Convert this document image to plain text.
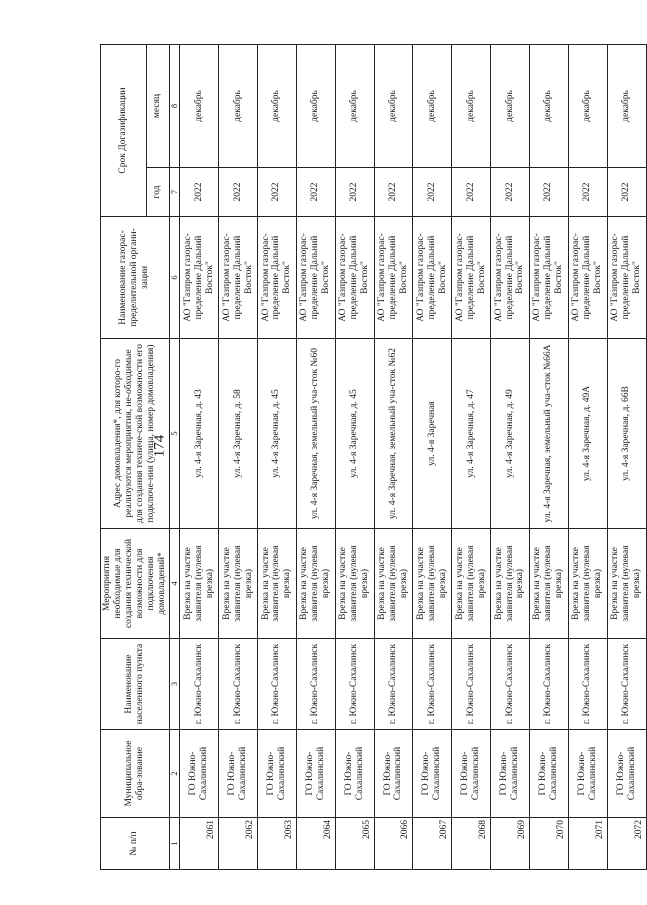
174
№ п/п	Муниципальное обра-зование	Наименование населенного пункта	Мероприятия необходимые для создания технической возможности для подключения домовладений*	Адрес домовладения*, для которо-го реализуются мероприятия, не-обходимые для создания техниче-ской возможности его подключе-ния (улица, номер домовладения)	Наименование газорас-пределительной органи-зации	Срок Догазификации	
						год	месяц
1	2	3	4	5	6	7	8
2061	ГО Южно-Сахалинский	г. Южно-Сахалинск	Врезка на участке заявителя (нулевая врезка)	ул. 4-я Заречная, д. 43	АО "Газпром газорас-пределение Дальний Восток"	2022	декабрь
2062	ГО Южно-Сахалинский	г. Южно-Сахалинск	Врезка на участке заявителя (нулевая врезка)	ул. 4-я Заречная, д. 58	АО "Газпром газорас-пределение Дальний Восток"	2022	декабрь
2063	ГО Южно-Сахалинский	г. Южно-Сахалинск	Врезка на участке заявителя (нулевая врезка)	ул. 4-я Заречная, д. 45	АО "Газпром газорас-пределение Дальний Восток"	2022	декабрь
2064	ГО Южно-Сахалинский	г. Южно-Сахалинск	Врезка на участке заявителя (нулевая врезка)	ул. 4-я Заречная, земельный уча-сток №60	АО "Газпром газорас-пределение Дальний Восток"	2022	декабрь
2065	ГО Южно-Сахалинский	г. Южно-Сахалинск	Врезка на участке заявителя (нулевая врезка)	ул. 4-я Заречная, д. 45	АО "Газпром газорас-пределение Дальний Восток"	2022	декабрь
2066	ГО Южно-Сахалинский	г. Южно-Сахалинск	Врезка на участке заявителя (нулевая врезка)	ул. 4-я Заречная, земельный уча-сток №62	АО "Газпром газорас-пределение Дальний Восток"	2022	декабрь
2067	ГО Южно-Сахалинский	г. Южно-Сахалинск	Врезка на участке заявителя (нулевая врезка)	ул. 4-я Заречная	АО "Газпром газорас-пределение Дальний Восток"	2022	декабрь
2068	ГО Южно-Сахалинский	г. Южно-Сахалинск	Врезка на участке заявителя (нулевая врезка)	ул. 4-я Заречная, д. 47	АО "Газпром газорас-пределение Дальний Восток"	2022	декабрь
2069	ГО Южно-Сахалинский	г. Южно-Сахалинск	Врезка на участке заявителя (нулевая врезка)	ул. 4-я Заречная, д. 49	АО "Газпром газорас-пределение Дальний Восток"	2022	декабрь
2070	ГО Южно-Сахалинский	г. Южно-Сахалинск	Врезка на участке заявителя (нулевая врезка)	ул. 4-я Заречная, земельный уча-сток №66А	АО "Газпром газорас-пределение Дальний Восток"	2022	декабрь
2071	ГО Южно-Сахалинский	г. Южно-Сахалинск	Врезка на участке заявителя (нулевая врезка)	ул. 4-я Заречная, д. 49А	АО "Газпром газорас-пределение Дальний Восток"	2022	декабрь
2072	ГО Южно-Сахалинский	г. Южно-Сахалинск	Врезка на участке заявителя (нулевая врезка)	ул. 4-я Заречная, д. 66В	АО "Газпром газорас-пределение Дальний Восток"	2022	декабрь
